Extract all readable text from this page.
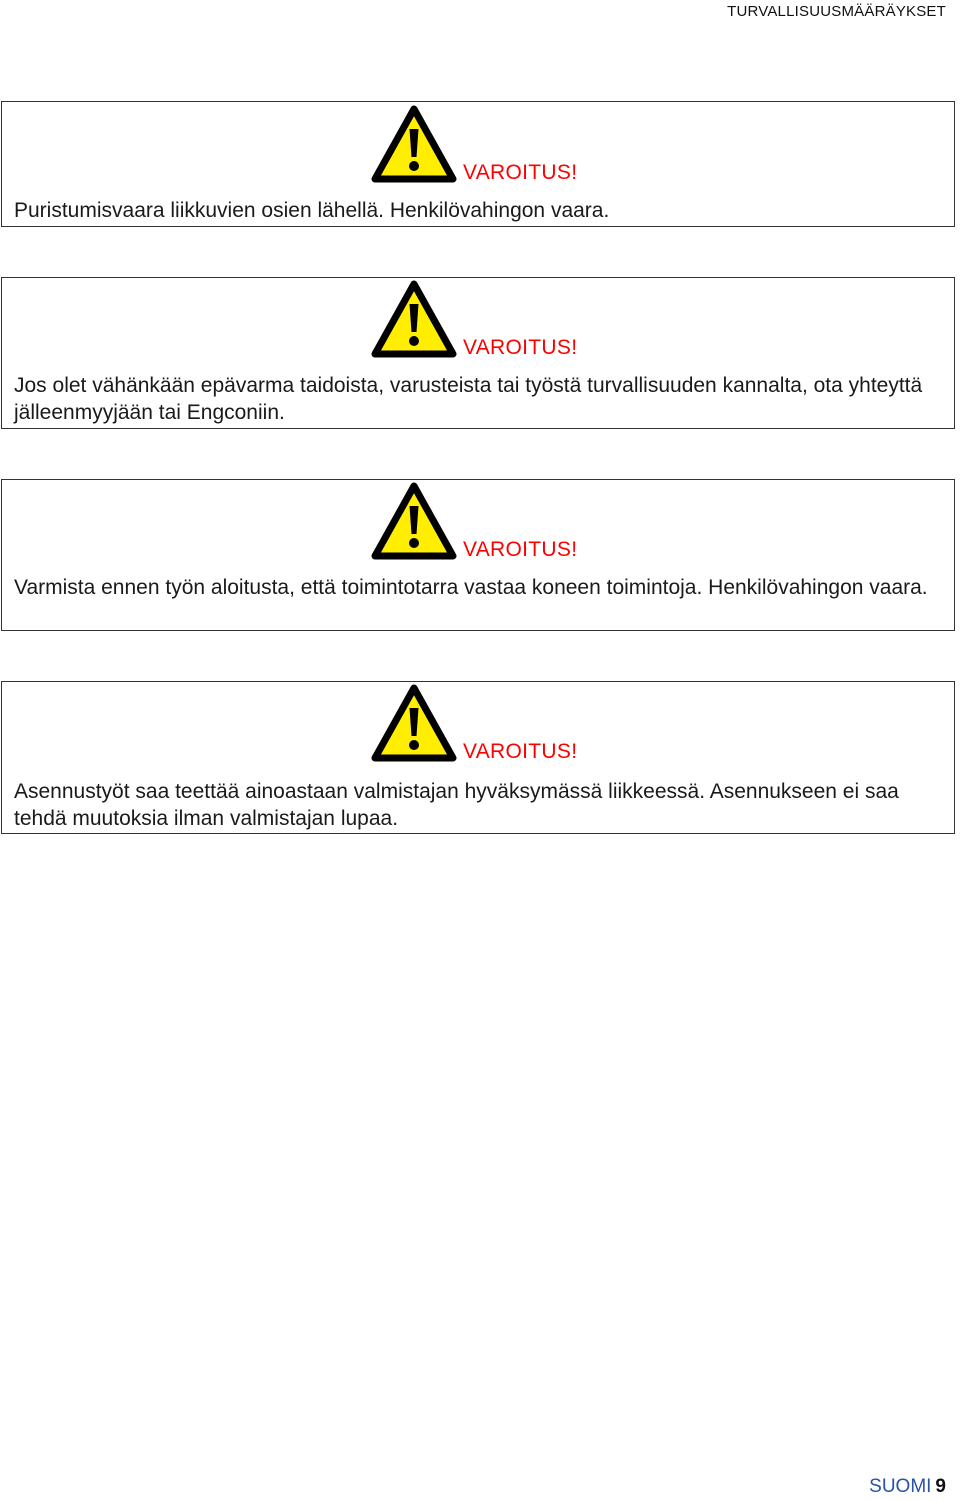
TURVALLISUUSMÄÄRÄYKSET
VAROITUS!
Puristumisvaara liikkuvien osien lähellä. Henkilövahingon vaara.
VAROITUS!
Jos olet vähänkään epävarma taidoista, varusteista tai työstä turvallisuuden kannalta, ota yhteyttä jälleenmyyjään tai Engconiin.
VAROITUS!
Varmista ennen työn aloitusta, että toimintotarra vastaa koneen toimintoja. Henkilövahingon vaara.
VAROITUS!
Asennustyöt saa teettää ainoastaan valmistajan hyväksymässä liikkeessä. Asennukseen ei saa tehdä muutoksia ilman valmistajan lupaa.
SUOMI 9
